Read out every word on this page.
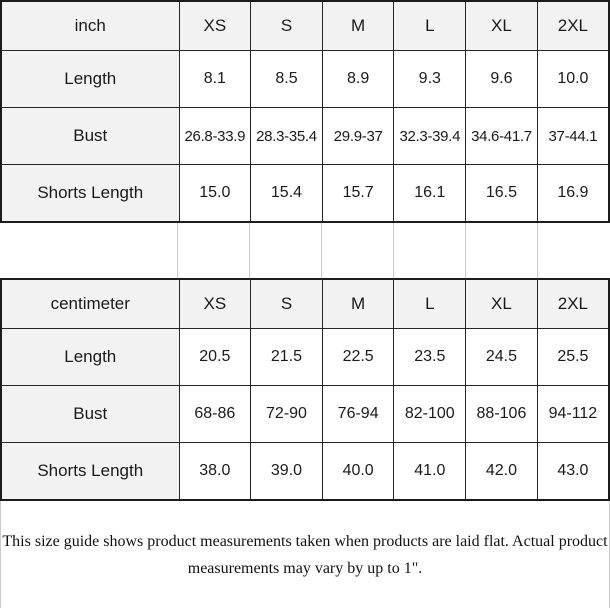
inch	XS	S	M	L	XL	2XL
Length	8.1	8.5	8.9	9.3	9.6	10.0
Bust	26.8-33.9	28.3-35.4	29.9-37	32.3-39.4	34.6-41.7	37-44.1
Shorts Length	15.0	15.4	15.7	16.1	16.5	16.9
centimeter	XS	S	M	L	XL	2XL
Length	20.5	21.5	22.5	23.5	24.5	25.5
Bust	68-86	72-90	76-94	82-100	88-106	94-112
Shorts Length	38.0	39.0	40.0	41.0	42.0	43.0
This size guide shows product measurements taken when products are laid flat. Actual product
measurements may vary by up to 1".
